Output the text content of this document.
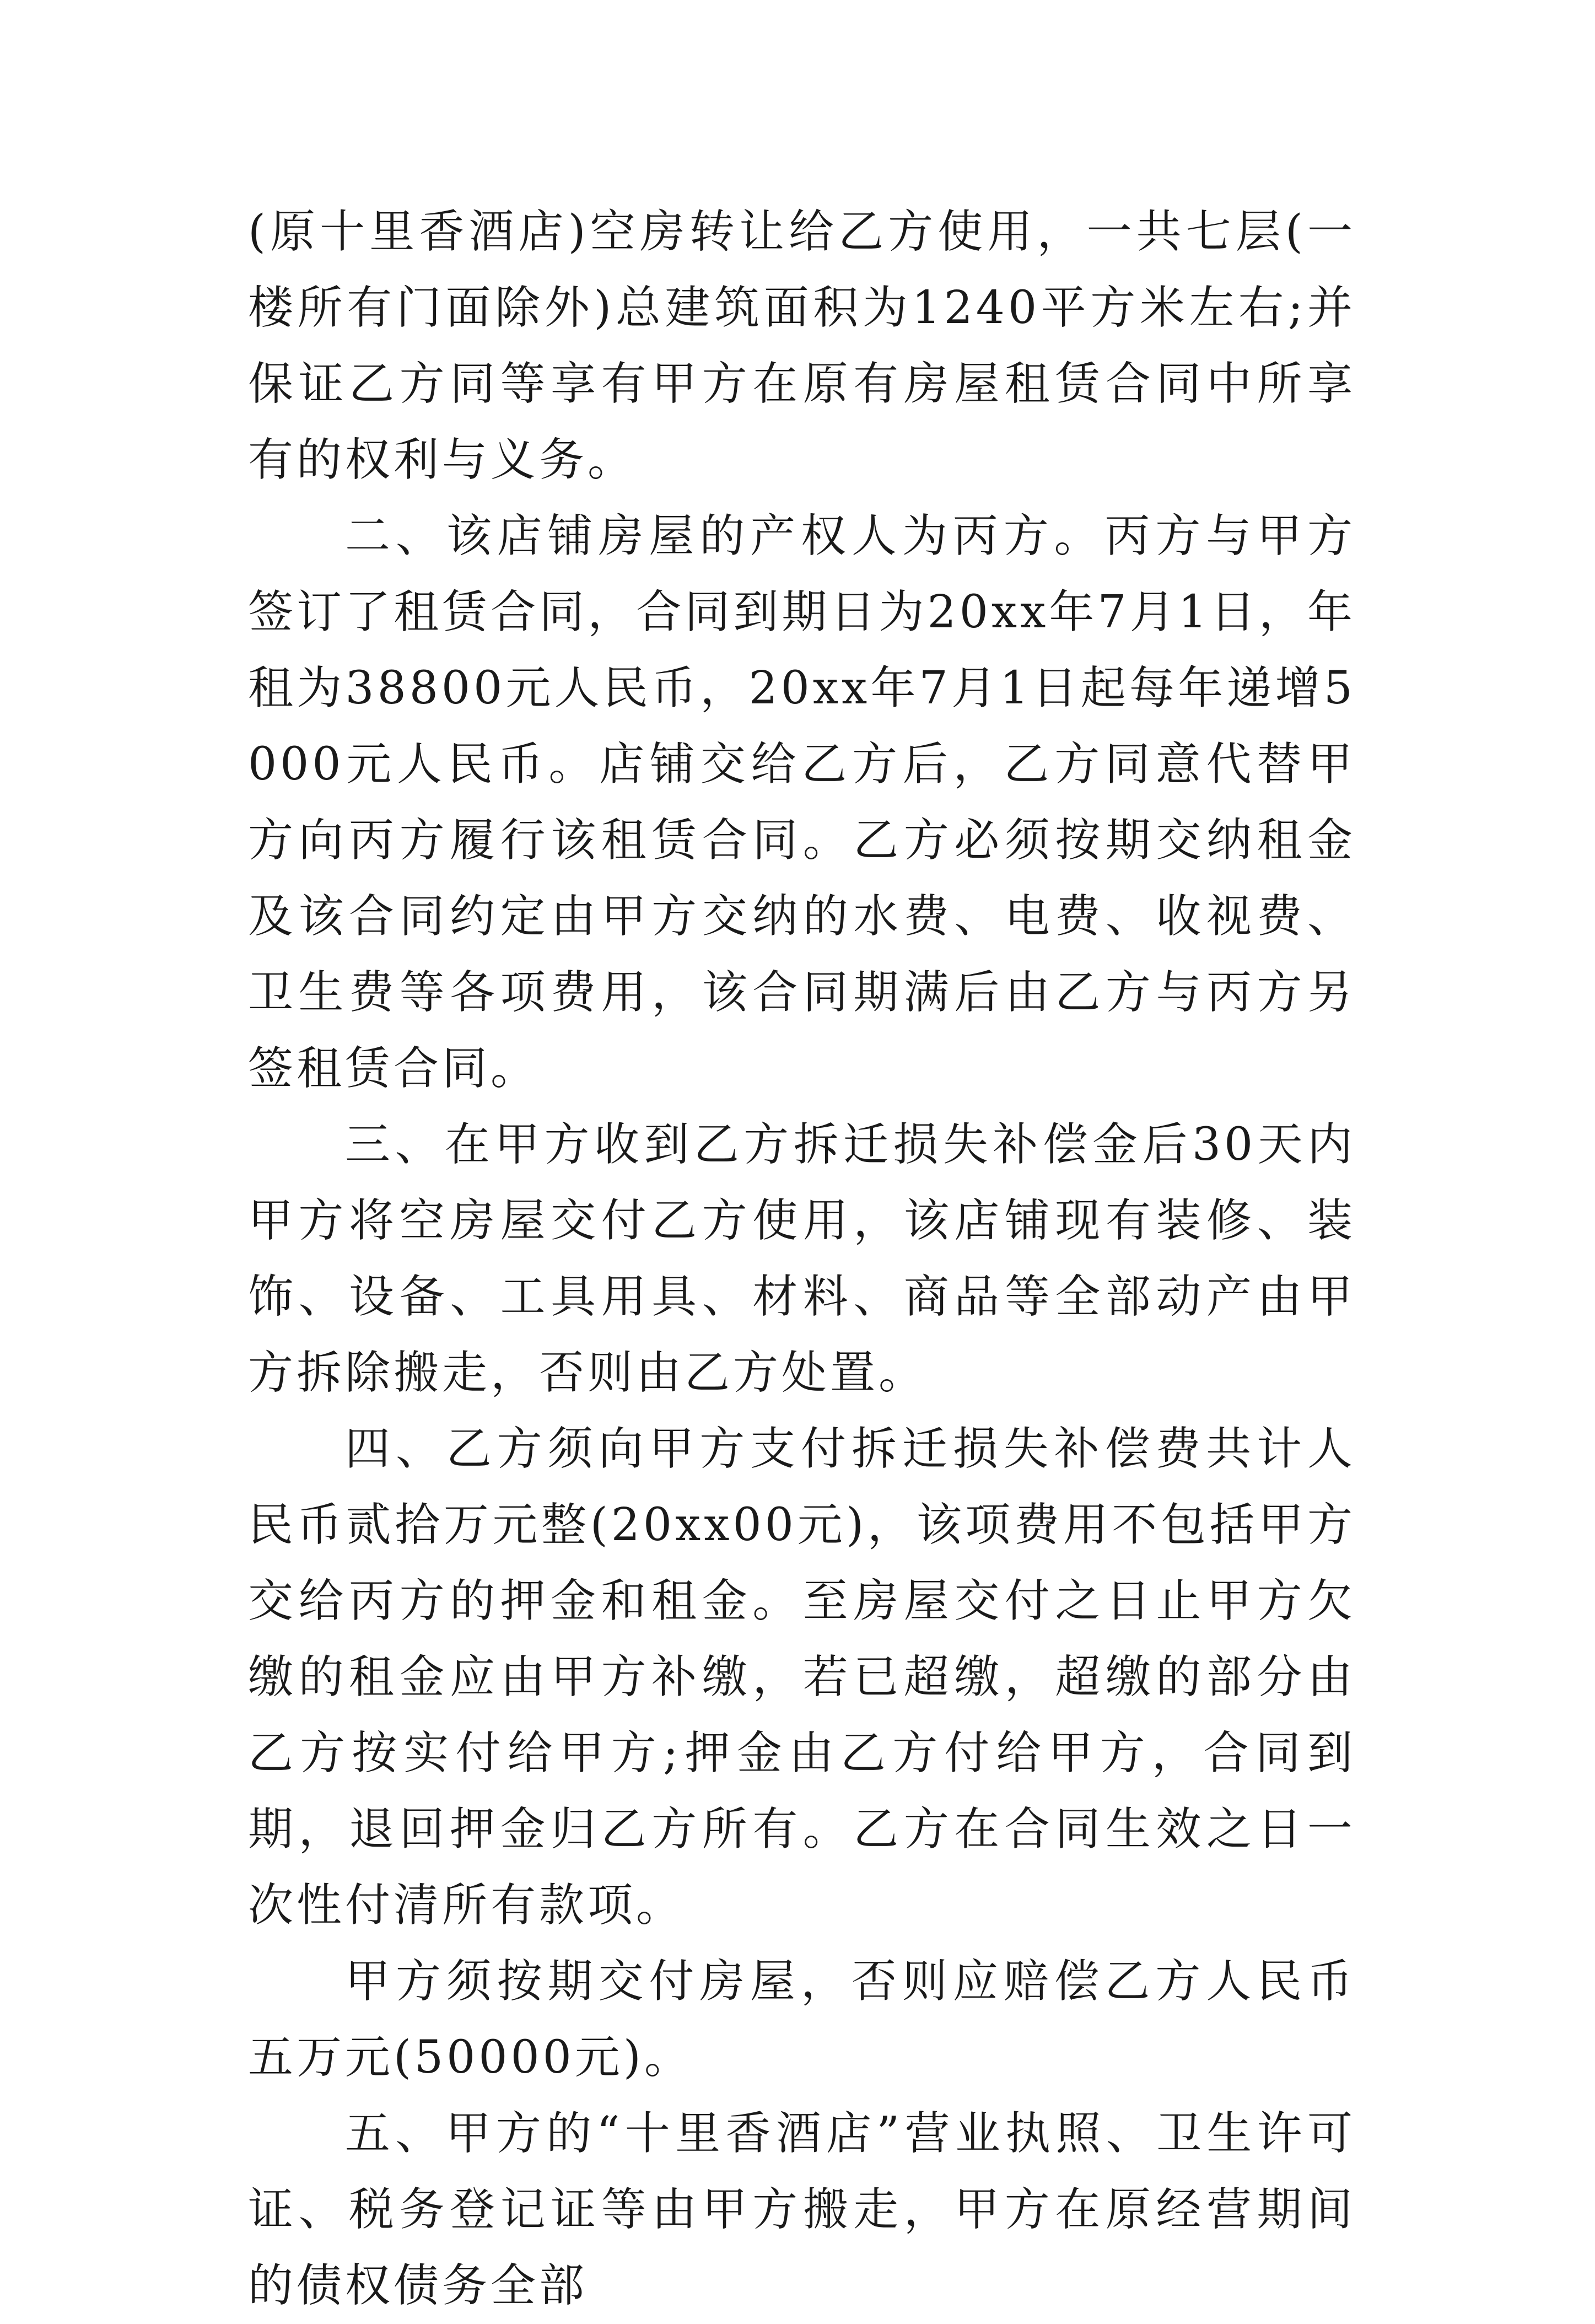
(原十里香酒店)空房转让给乙方使用，一共七层(一楼所有门面除外)总建筑面积为1240平方米左右;并保证乙方同等享有甲方在原有房屋租赁合同中所享有的权利与义务。

二、该店铺房屋的产权人为丙方。丙方与甲方签订了租赁合同，合同到期日为20xx年7月1日，年租为38800元人民币，20xx年7月1日起每年递增5000元人民币。店铺交给乙方后，乙方同意代替甲方向丙方履行该租赁合同。乙方必须按期交纳租金及该合同约定由甲方交纳的水费、电费、收视费、卫生费等各项费用，该合同期满后由乙方与丙方另签租赁合同。

三、在甲方收到乙方拆迁损失补偿金后30天内甲方将空房屋交付乙方使用，该店铺现有装修、装饰、设备、工具用具、材料、商品等全部动产由甲方拆除搬走，否则由乙方处置。

四、乙方须向甲方支付拆迁损失补偿费共计人民币贰拾万元整(20xx00元)，该项费用不包括甲方交给丙方的押金和租金。至房屋交付之日止甲方欠缴的租金应由甲方补缴，若已超缴，超缴的部分由乙方按实付给甲方;押金由乙方付给甲方，合同到期，退回押金归乙方所有。乙方在合同生效之日一次性付清所有款项。

甲方须按期交付房屋，否则应赔偿乙方人民币五万元(50000元)。

五、甲方的“十里香酒店”营业执照、卫生许可证、税务登记证等由甲方搬走，甲方在原经营期间的债权债务全部
